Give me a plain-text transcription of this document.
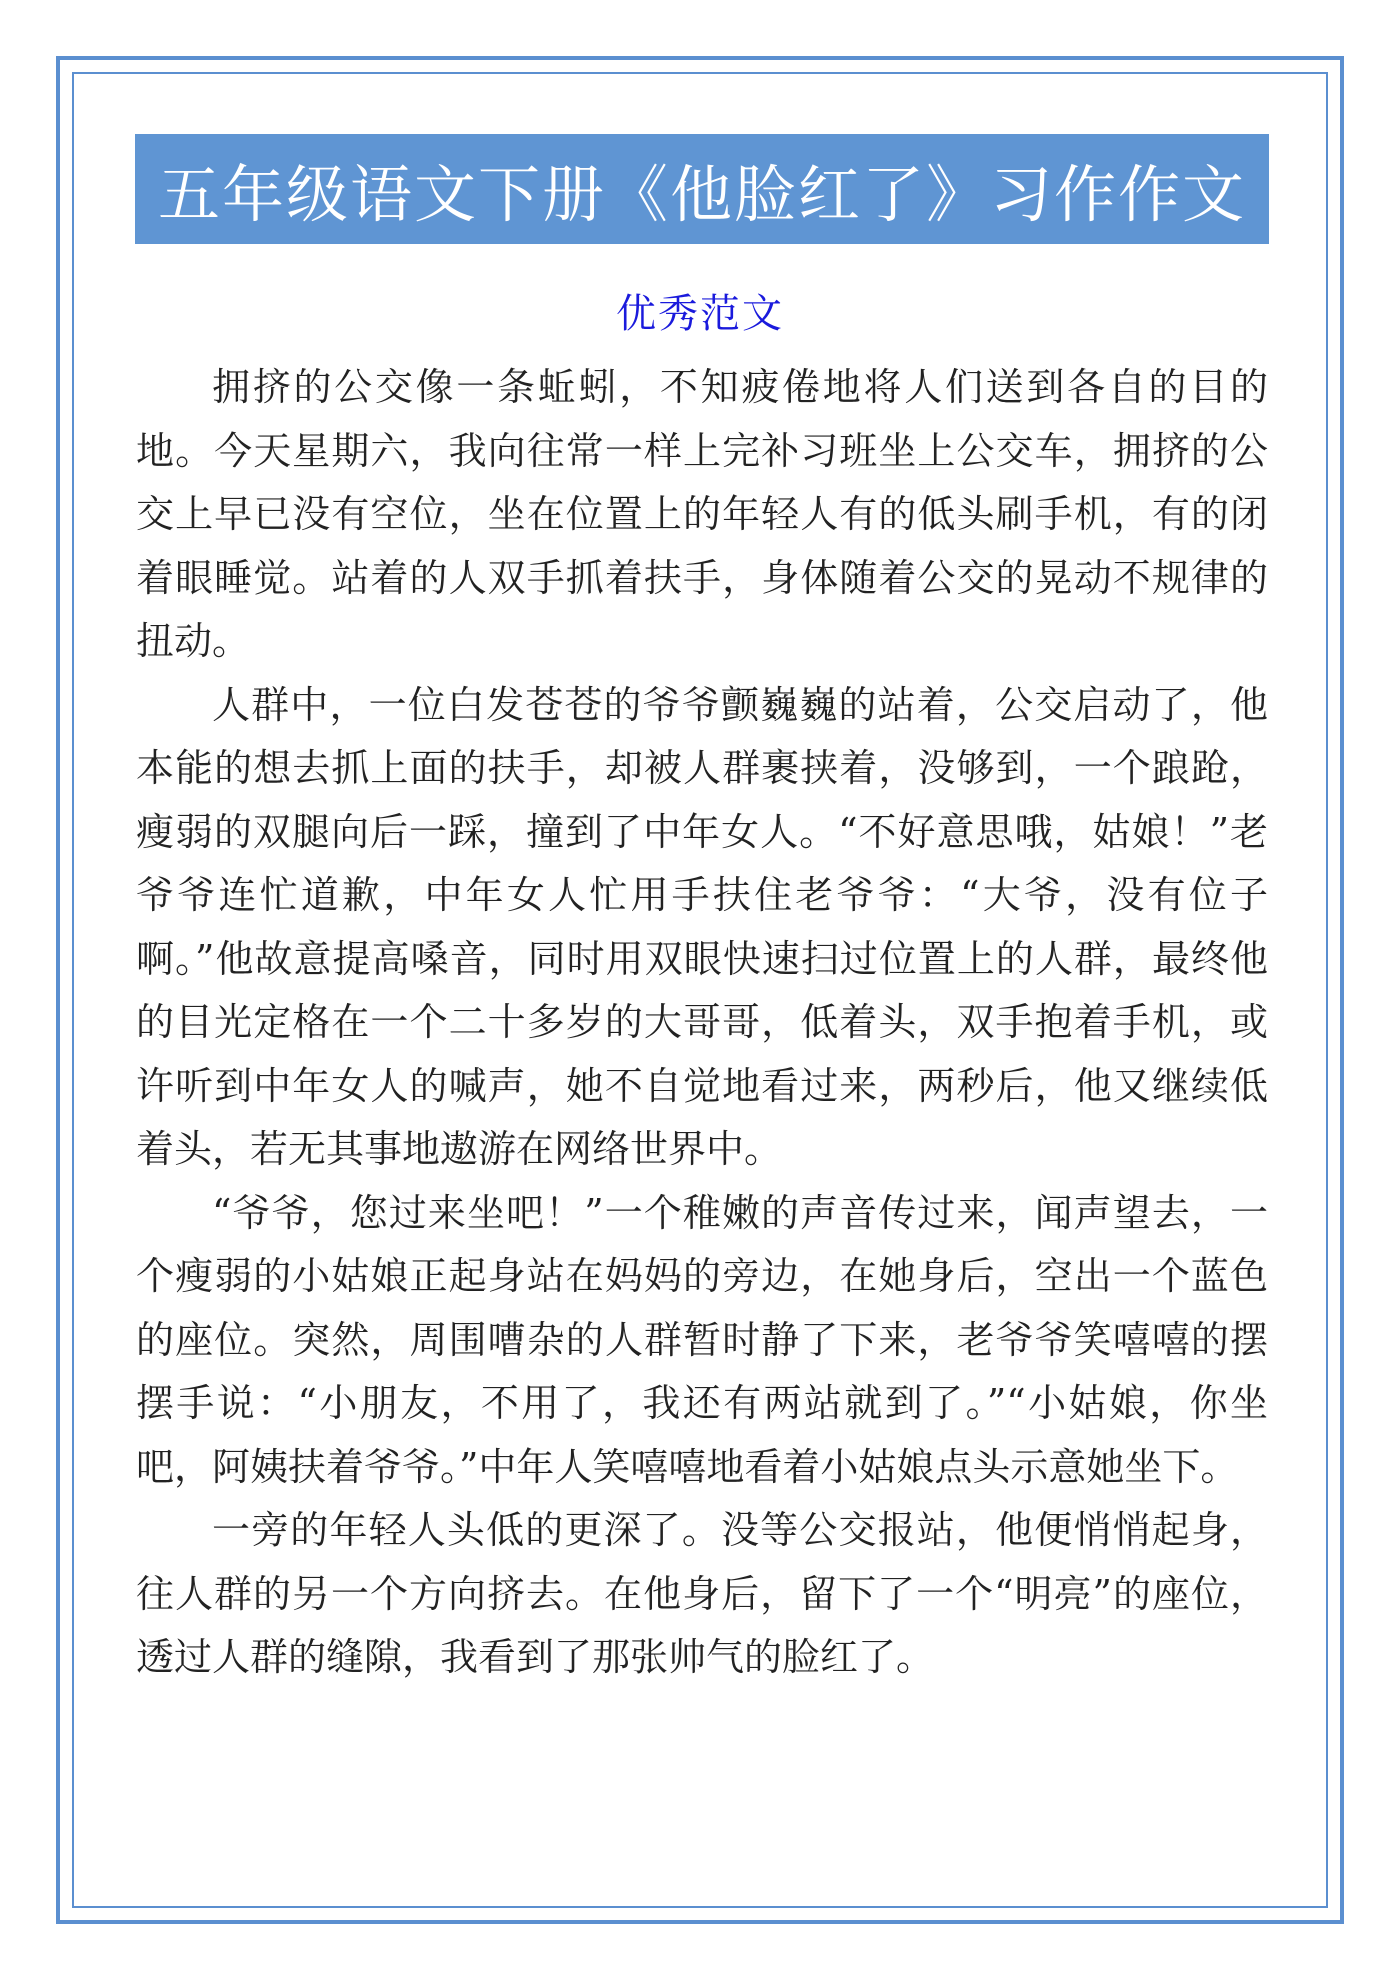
五年级语文下册《他脸红了》习作作文
优秀范文

拥挤的公交像一条蚯蚓，不知疲倦地将人们送到各自的目的地。今天星期六，我向往常一样上完补习班坐上公交车，拥挤的公交上早已没有空位，坐在位置上的年轻人有的低头刷手机，有的闭着眼睡觉。站着的人双手抓着扶手，身体随着公交的晃动不规律的扭动。

人群中，一位白发苍苍的爷爷颤巍巍的站着，公交启动了，他本能的想去抓上面的扶手，却被人群裹挟着，没够到，一个踉跄，瘦弱的双腿向后一踩，撞到了中年女人。“不好意思哦，姑娘！”老爷爷连忙道歉，中年女人忙用手扶住老爷爷：“大爷，没有位子啊。”他故意提高嗓音，同时用双眼快速扫过位置上的人群，最终他的目光定格在一个二十多岁的大哥哥，低着头，双手抱着手机，或许听到中年女人的喊声，她不自觉地看过来，两秒后，他又继续低着头，若无其事地遨游在网络世界中。

“爷爷，您过来坐吧！”一个稚嫩的声音传过来，闻声望去，一个瘦弱的小姑娘正起身站在妈妈的旁边，在她身后，空出一个蓝色的座位。突然，周围嘈杂的人群暂时静了下来，老爷爷笑嘻嘻的摆摆手说：“小朋友，不用了，我还有两站就到了。”“小姑娘，你坐吧，阿姨扶着爷爷。”中年人笑嘻嘻地看着小姑娘点头示意她坐下。

一旁的年轻人头低的更深了。没等公交报站，他便悄悄起身，往人群的另一个方向挤去。在他身后，留下了一个“明亮”的座位，透过人群的缝隙，我看到了那张帅气的脸红了。
